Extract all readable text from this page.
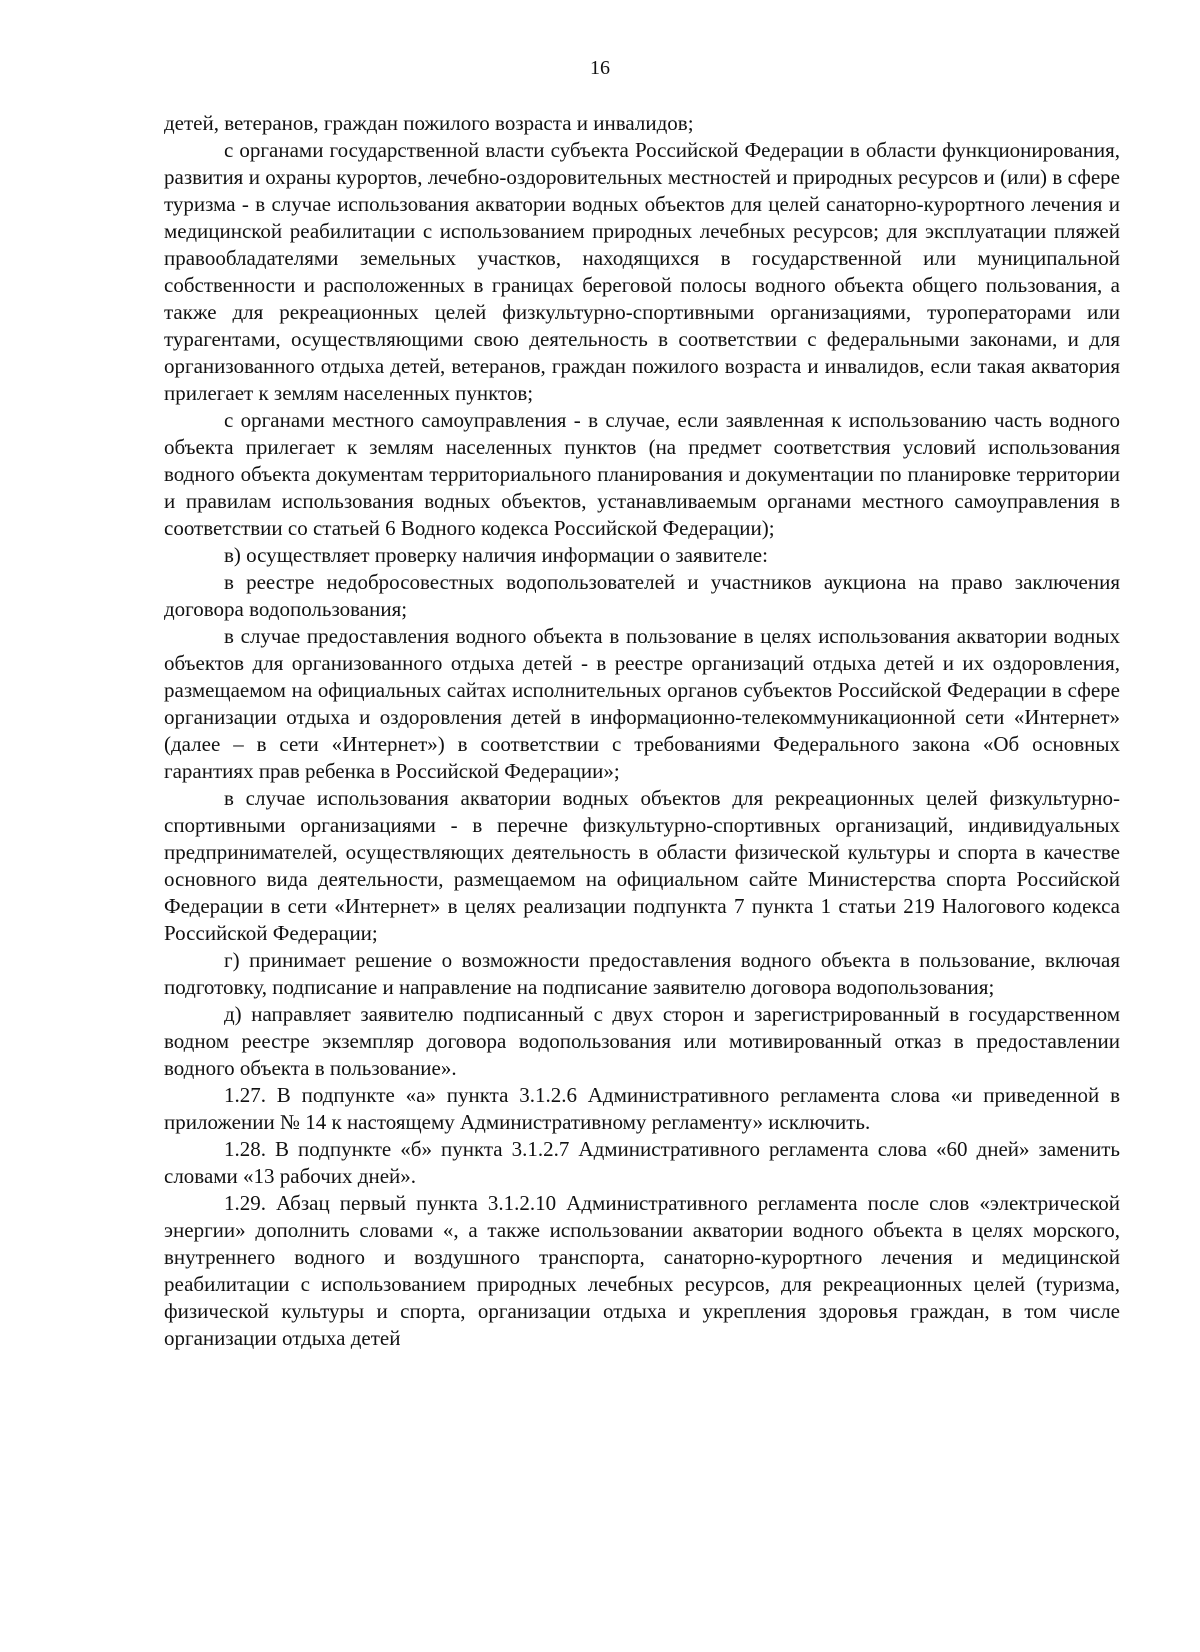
16

детей, ветеранов, граждан пожилого возраста и инвалидов;

с органами государственной власти субъекта Российской Федерации в области функционирования, развития и охраны курортов, лечебно-оздоровительных местностей и природных ресурсов и (или) в сфере туризма - в случае использования акватории водных объектов для целей санаторно-курортного лечения и медицинской реабилитации с использованием природных лечебных ресурсов; для эксплуатации пляжей правообладателями земельных участков, находящихся в государственной или муниципальной собственности и расположенных в границах береговой полосы водного объекта общего пользования, а также для рекреационных целей физкультурно-спортивными организациями, туроператорами или турагентами, осуществляющими свою деятельность в соответствии с федеральными законами, и для организованного отдыха детей, ветеранов, граждан пожилого возраста и инвалидов, если такая акватория прилегает к землям населенных пунктов;

с органами местного самоуправления - в случае, если заявленная к использованию часть водного объекта прилегает к землям населенных пунктов (на предмет соответствия условий использования водного объекта документам территориального планирования и документации по планировке территории и правилам использования водных объектов, устанавливаемым органами местного самоуправления в соответствии со статьей 6 Водного кодекса Российской Федерации);

в) осуществляет проверку наличия информации о заявителе:

в реестре недобросовестных водопользователей и участников аукциона на право заключения договора водопользования;

в случае предоставления водного объекта в пользование в целях использования акватории водных объектов для организованного отдыха детей - в реестре организаций отдыха детей и их оздоровления, размещаемом на официальных сайтах исполнительных органов субъектов Российской Федерации в сфере организации отдыха и оздоровления детей в информационно-телекоммуникационной сети «Интернет» (далее – в сети «Интернет») в соответствии с требованиями Федерального закона «Об основных гарантиях прав ребенка в Российской Федерации»;

в случае использования акватории водных объектов для рекреационных целей физкультурно-спортивными организациями - в перечне физкультурно-спортивных организаций, индивидуальных предпринимателей, осуществляющих деятельность в области физической культуры и спорта в качестве основного вида деятельности, размещаемом на официальном сайте Министерства спорта Российской Федерации в сети «Интернет» в целях реализации подпункта 7 пункта 1 статьи 219 Налогового кодекса Российской Федерации;

г) принимает решение о возможности предоставления водного объекта в пользование, включая подготовку, подписание и направление на подписание заявителю договора водопользования;

д) направляет заявителю подписанный с двух сторон и зарегистрированный в государственном водном реестре экземпляр договора водопользования или мотивированный отказ в предоставлении водного объекта в пользование».

1.27. В подпункте «а» пункта 3.1.2.6 Административного регламента слова «и приведенной в приложении № 14 к настоящему Административному регламенту» исключить.

1.28. В подпункте «б» пункта 3.1.2.7 Административного регламента слова «60 дней» заменить словами «13 рабочих дней».

1.29. Абзац первый пункта 3.1.2.10 Административного регламента после слов «электрической энергии» дополнить словами «, а также использовании акватории водного объекта в целях морского, внутреннего водного и воздушного транспорта, санаторно-курортного лечения и медицинской реабилитации с использованием природных лечебных ресурсов, для рекреационных целей (туризма, физической культуры и спорта, организации отдыха и укрепления здоровья граждан, в том числе организации отдыха детей
